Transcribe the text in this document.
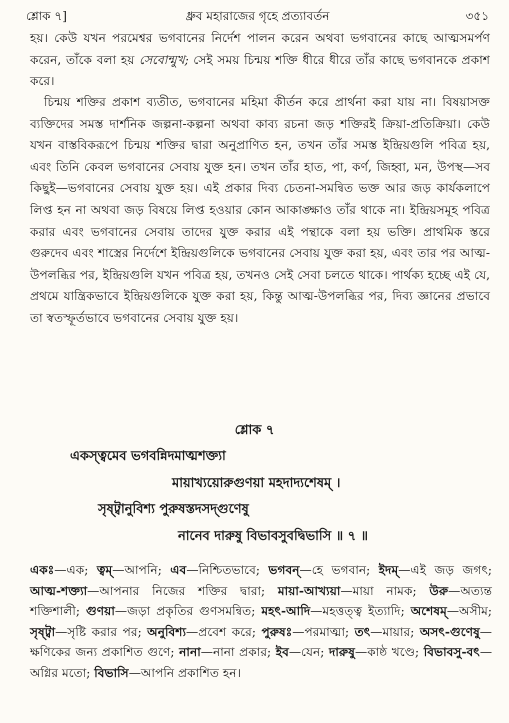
শ্লোক ৭]	ধ্রুব মহারাজের গৃহে প্রত্যাবর্তন	৩৫১

হয়। কেউ যখন পরমেশ্বর ভগবানের নির্দেশ পালন করেন অথবা ভগবানের কাছে আত্মসমর্পণ করেন, তাঁকে বলা হয় সেবোন্মুখ; সেই সময় চিন্ময় শক্তি ধীরে ধীরে তাঁর কাছে ভগবানকে প্রকাশ করে।

চিন্ময় শক্তির প্রকাশ ব্যতীত, ভগবানের মহিমা কীর্তন করে প্রার্থনা করা যায় না। বিষয়াসক্ত ব্যক্তিদের সমস্ত দার্শনিক জল্পনা-কল্পনা অথবা কাব্য রচনা জড় শক্তিরই ক্রিয়া-প্রতিক্রিয়া। কেউ যখন বাস্তবিকরূপে চিন্ময় শক্তির দ্বারা অনুপ্রাণিত হন, তখন তাঁর সমস্ত ইন্দ্রিয়গুলি পবিত্র হয়, এবং তিনি কেবল ভগবানের সেবায় যুক্ত হন। তখন তাঁর হাত, পা, কর্ণ, জিহ্বা, মন, উপস্থ—সব কিছুই—ভগবানের সেবায় যুক্ত হয়। এই প্রকার দিব্য চেতনা-সমন্বিত ভক্ত আর জড় কার্যকলাপে লিপ্ত হন না অথবা জড় বিষয়ে লিপ্ত হওয়ার কোন আকাঙ্ক্ষাও তাঁর থাকে না। ইন্দ্রিয়সমূহ পবিত্র করার এবং ভগবানের সেবায় তাদের যুক্ত করার এই পন্থাকে বলা হয় ভক্তি। প্রাথমিক স্তরে গুরুদেব এবং শাস্ত্রের নির্দেশে ইন্দ্রিয়গুলিকে ভগবানের সেবায় যুক্ত করা হয়, এবং তার পর আত্ম-উপলব্ধির পর, ইন্দ্রিয়গুলি যখন পবিত্র হয়, তখনও সেই সেবা চলতে থাকে। পার্থক্য হচ্ছে এই যে, প্রথমে যান্ত্রিকভাবে ইন্দ্রিয়গুলিকে যুক্ত করা হয়, কিন্তু আত্ম-উপলব্ধির পর, দিব্য জ্ঞানের প্রভাবে তা স্বতস্ফূর্তভাবে ভগবানের সেবায় যুক্ত হয়।

শ্লোক ৭
একস্ত্বমেব ভগবন্নিদমাত্মশক্ত্যা
মায়াখ্যয়োরুগুণয়া মহদাদ্যশেষম্ ।
সৃষ্ট্বানুবিশ্য পুরুষস্তদসদ্গুণেষু
নানেব দারুষু বিভাবসুবদ্বিভাসি ॥ ৭ ॥

একঃ—এক; ত্বম্—আপনি; এব—নিশ্চিতভাবে; ভগবন্—হে ভগবান; ইদম্—এই জড় জগৎ; আত্ম-শক্ত্যা—আপনার নিজের শক্তির দ্বারা; মায়া-আখ্যয়া—মায়া নামক; উরু—অত্যন্ত শক্তিশালী; গুণয়া—জড়া প্রকৃতির গুণসমন্বিত; মহৎ-আদি—মহত্তত্ত্ব ইত্যাদি; অশেষম্—অসীম; সৃষ্ট্বা—সৃষ্টি করার পর; অনুবিশ্য—প্রবেশ করে; পুরুষঃ—পরমাত্মা; তৎ—মায়ার; অসৎ-গুণেষু—ক্ষণিকের জন্য প্রকাশিত গুণে; নানা—নানা প্রকার; ইব—যেন; দারুষু—কাষ্ঠ খণ্ডে; বিভাবসু-বৎ—অগ্নির মতো; বিভাসি—আপনি প্রকাশিত হন।
